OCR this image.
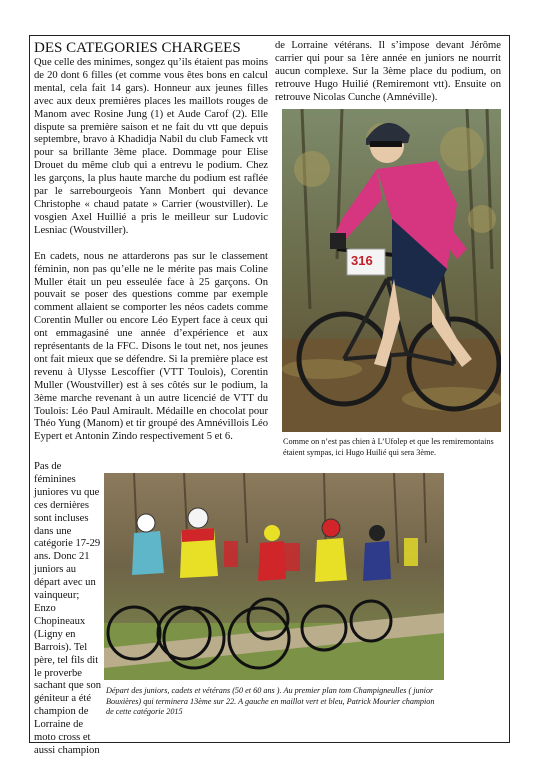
DES CATEGORIES CHARGEES

Que celle des minimes, songez qu’ils étaient pas moins de 20 dont 6 filles (et comme vous êtes bons en calcul mental, cela fait 14 gars). Honneur aux jeunes filles avec aux deux premières places les maillots rouges de Manom avec Rosine Jung (1) et Aude Carof (2). Elle dispute sa première saison et ne fait du vtt que depuis septembre, bravo à Khadidja Nabil du club Fameck vtt pour sa brillante 3ème place. Dommage pour Elise Drouet du même club qui a entrevu le podium. Chez les garçons, la plus haute marche du podium est raflée par le sarrebourgeois Yann Monbert qui devance Christophe « chaud patate » Carrier (woustviller). Le vosgien Axel Huillié a pris le meilleur sur Ludovic Lesniac (Woustviller).

En cadets, nous ne attarderons pas sur le classement féminin, non pas qu’elle ne le mérite pas mais Coline Muller était un peu esseulée face à 25 garçons. On pouvait se poser des questions comme par exemple comment allaient se comporter les néos cadets comme Corentin Muller ou encore Léo Eypert face à ceux qui ont emmagasiné une année d’expérience et aux représentants de la FFC. Disons le tout net, nos jeunes ont fait mieux que se défendre. Si la première place est revenu à Ulysse Lescoffier (VTT Toulois), Corentin Muller (Woustviller) est à ses côtés sur le podium, la 3ème marche revenant à un autre licencié de VTT du Toulois: Léo Paul Amirault. Médaille en chocolat pour Théo Yung (Manom) et tir groupé des Amnévillois Léo Eypert et Antonin Zindo respectivement 5 et 6.

de Lorraine vétérans. Il s’impose devant Jérôme carrier qui pour sa 1ère année en juniors ne nourrit aucun complexe. Sur la 3ème place du podium, on retrouve Hugo Huilié (Remiremont vtt). Ensuite on retrouve Nicolas Cunche (Amnéville).
316
Comme on n’est pas chien à L’Ufolep et que les remiremontains étaient sympas, ici Hugo Huilié qui sera 3ème.
Pas de féminines juniores vu que ces dernières sont incluses dans une catégorie 17-29 ans. Donc 21 juniors au départ avec un vainqueur; Enzo Chopineaux (Ligny en Barrois). Tel père, tel fils dit le proverbe sachant que son géniteur a été champion de Lorraine de moto cross et aussi champion
Départ des juniors, cadets et vétérans (50 et 60 ans ). Au premier plan tom Champigneulles ( junior Bouxières) qui terminera 13ème sur 22. A gauche en maillot vert et bleu, Patrick Mourier champion de cette catégorie 2015
